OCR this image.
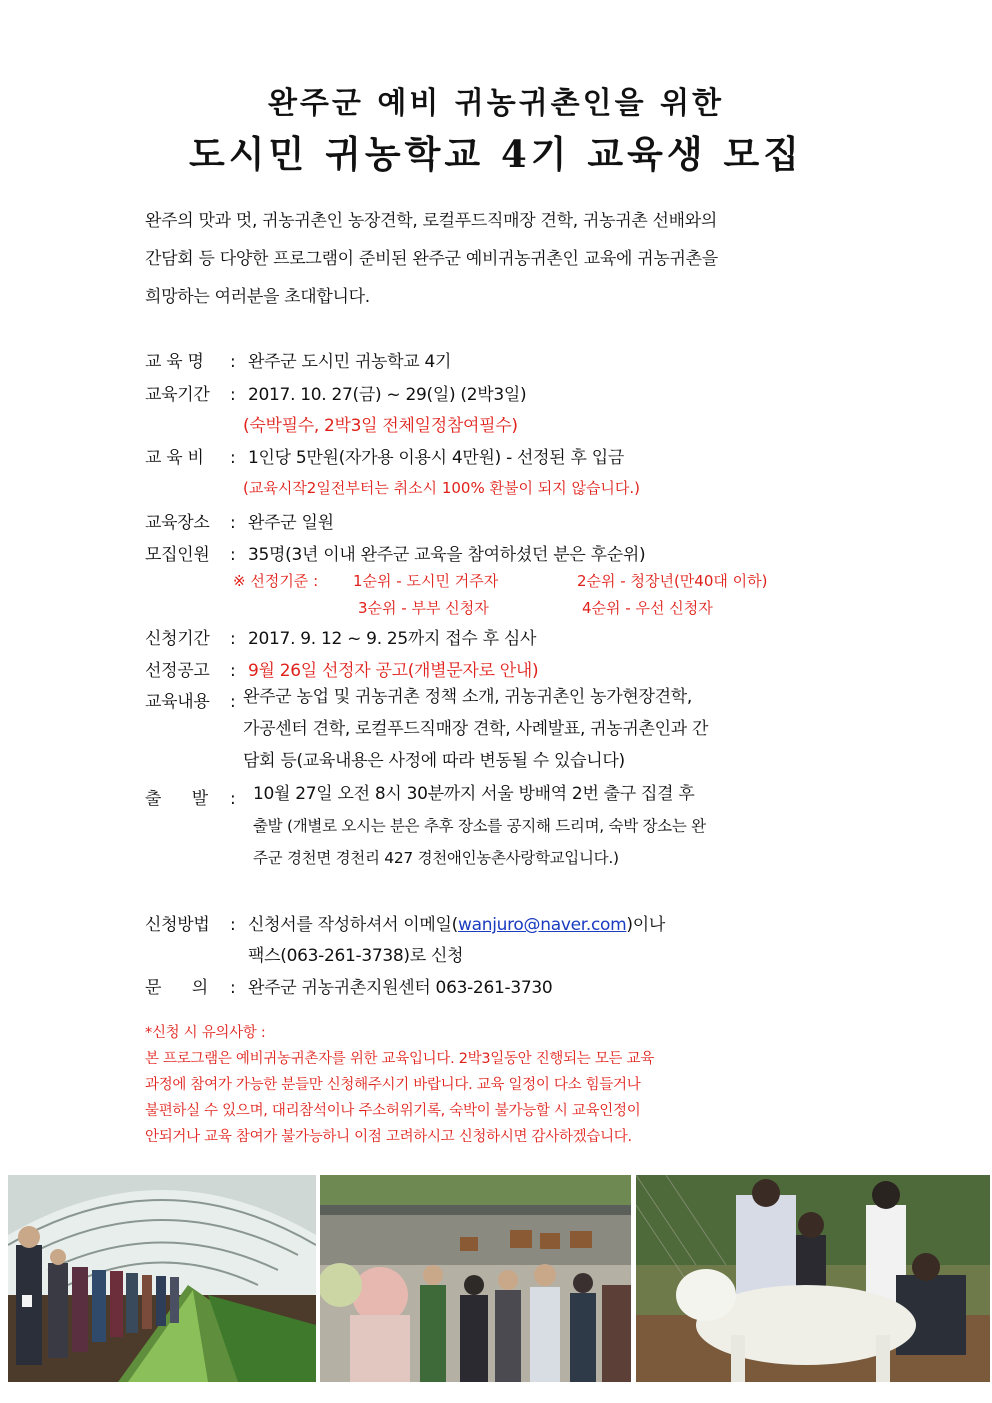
완주군 예비 귀농귀촌인을 위한
도시민 귀농학교 4기 교육생 모집
완주의 맛과 멋, 귀농귀촌인 농장견학, 로컬푸드직매장 견학, 귀농귀촌 선배와의
간담회 등 다양한 프로그램이 준비된 완주군 예비귀농귀촌인 교육에 귀농귀촌을
희망하는 여러분을 초대합니다.
교 육 명 : 완주군 도시민 귀농학교 4기
교육기간 : 2017. 10. 27(금) ~ 29(일) (2박3일)
(숙박필수, 2박3일 전체일정참여필수)
교 육 비 : 1인당 5만원(자가용 이용시 4만원) - 선정된 후 입금
(교육시작2일전부터는 취소시 100% 환불이 되지 않습니다.)
교육장소 : 완주군 일원
모집인원 : 35명(3년 이내 완주군 교육을 참여하셨던 분은 후순위)
※ 선정기준 : 1순위 - 도시민 거주자	2순위 - 청장년(만40대 이하)
3순위 - 부부 신청자	4순위 - 우선 신청자
신청기간 : 2017. 9. 12 ~ 9. 25까지 접수 후 심사
선정공고 : 9월 26일 선정자 공고(개별문자로 안내)
교육내용 : 완주군 농업 및 귀농귀촌 정책 소개, 귀농귀촌인 농가현장견학,
가공센터 견학, 로컬푸드직매장 견학, 사례발표, 귀농귀촌인과 간
담회 등(교육내용은 사정에 따라 변동될 수 있습니다)
출      발 :	10월 27일 오전 8시 30분까지 서울 방배역 2번 출구 집결 후
출발 (개별로 오시는 분은 추후 장소를 공지해 드리며, 숙박 장소는 완
주군 경천면 경천리 427 경천애인농촌사랑학교입니다.)
신청방법 : 신청서를 작성하셔서 이메일(wanjuro@naver.com)이나
팩스(063-261-3738)로 신청
문      의 : 완주군 귀농귀촌지원센터 063-261-3730
*신청 시 유의사항 :
본 프로그램은 예비귀농귀촌자를 위한 교육입니다. 2박3일동안 진행되는 모든 교육
과정에 참여가 가능한 분들만 신청해주시기 바랍니다. 교육 일정이 다소 힘들거나
불편하실 수 있으며, 대리참석이나 주소허위기록, 숙박이 불가능할 시 교육인정이
안되거나 교육 참여가 불가능하니 이점 고려하시고 신청하시면 감사하겠습니다.
